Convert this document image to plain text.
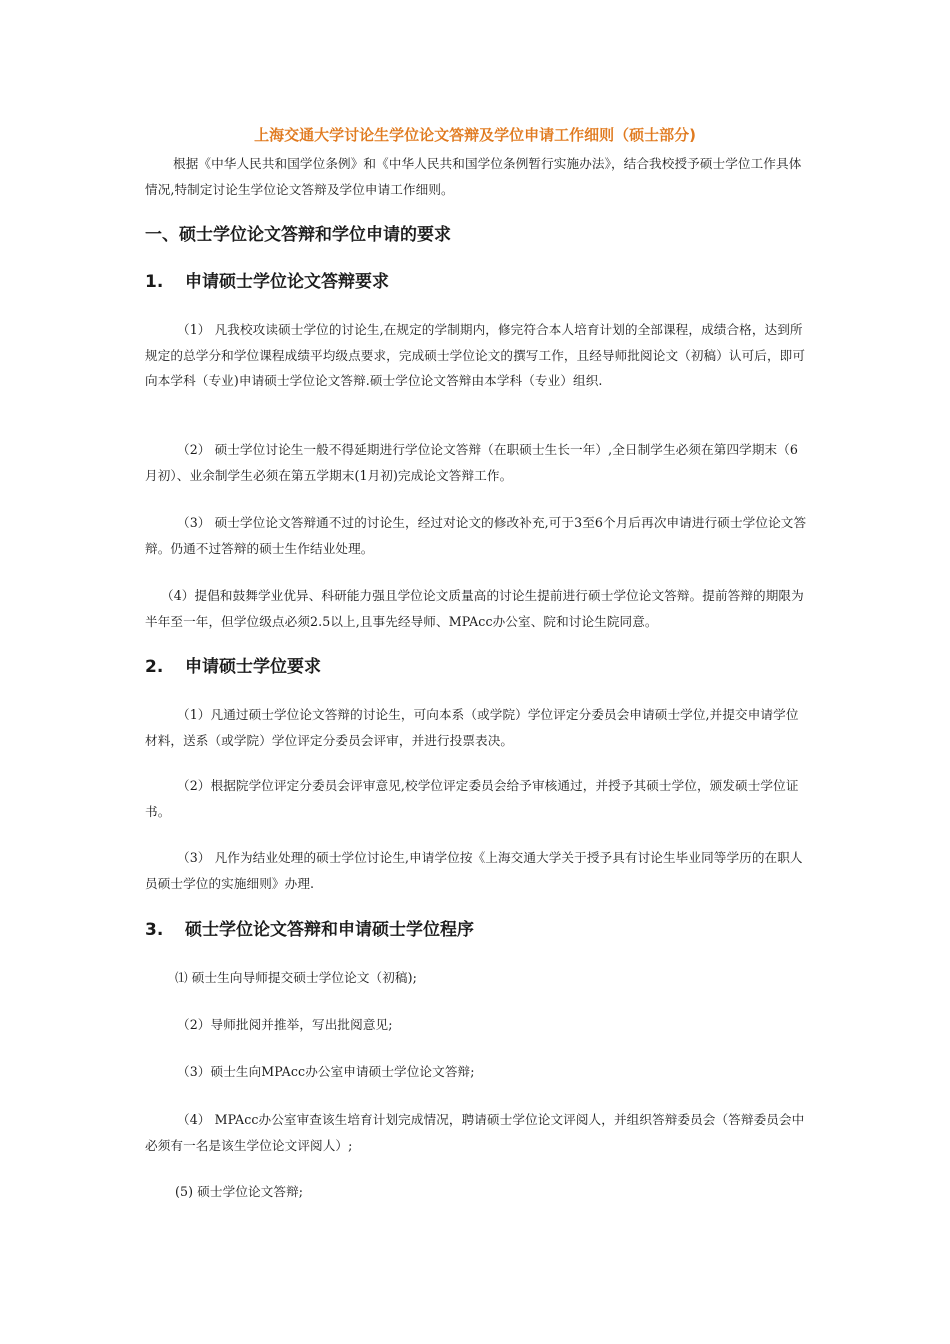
上海交通大学讨论生学位论文答辩及学位申请工作细则（硕士部分)
根据《中华人民共和国学位条例》和《中华人民共和国学位条例暂行实施办法》，结合我校授予硕士学位工作具体情况,特制定讨论生学位论文答辩及学位申请工作细则。
一、硕士学位论文答辩和学位申请的要求
1. 申请硕士学位论文答辩要求
（1） 凡我校攻读硕士学位的讨论生,在规定的学制期内，修完符合本人培育计划的全部课程，成绩合格，达到所规定的总学分和学位课程成绩平均级点要求，完成硕士学位论文的撰写工作，且经导师批阅论文（初稿）认可后，即可向本学科（专业)申请硕士学位论文答辩.硕士学位论文答辩由本学科（专业）组织.
（2） 硕士学位讨论生一般不得延期进行学位论文答辩（在职硕士生长一年）,全日制学生必须在第四学期末（6月初）、业余制学生必须在第五学期末(1月初)完成论文答辩工作。
（3） 硕士学位论文答辩通不过的讨论生，经过对论文的修改补充,可于3至6个月后再次申请进行硕士学位论文答辩。仍通不过答辩的硕士生作结业处理。
（4）提倡和鼓舞学业优异、科研能力强且学位论文质量高的讨论生提前进行硕士学位论文答辩。提前答辩的期限为半年至一年，但学位级点必须2.5以上,且事先经导师、MPAcc办公室、院和讨论生院同意。
2. 申请硕士学位要求
（1）凡通过硕士学位论文答辩的讨论生，可向本系（或学院）学位评定分委员会申请硕士学位,并提交申请学位材料，送系（或学院）学位评定分委员会评审，并进行投票表决。
（2）根据院学位评定分委员会评审意见,校学位评定委员会给予审核通过，并授予其硕士学位，颁发硕士学位证书。
（3） 凡作为结业处理的硕士学位讨论生,申请学位按《上海交通大学关于授予具有讨论生毕业同等学历的在职人员硕士学位的实施细则》办理.
3. 硕士学位论文答辩和申请硕士学位程序
⑴ 硕士生向导师提交硕士学位论文（初稿);
（2）导师批阅并推举，写出批阅意见;
（3）硕士生向MPAcc办公室申请硕士学位论文答辩;
（4） MPAcc办公室审查该生培育计划完成情况，聘请硕士学位论文评阅人，并组织答辩委员会（答辩委员会中必须有一名是该生学位论文评阅人）;
(5) 硕士学位论文答辩;
